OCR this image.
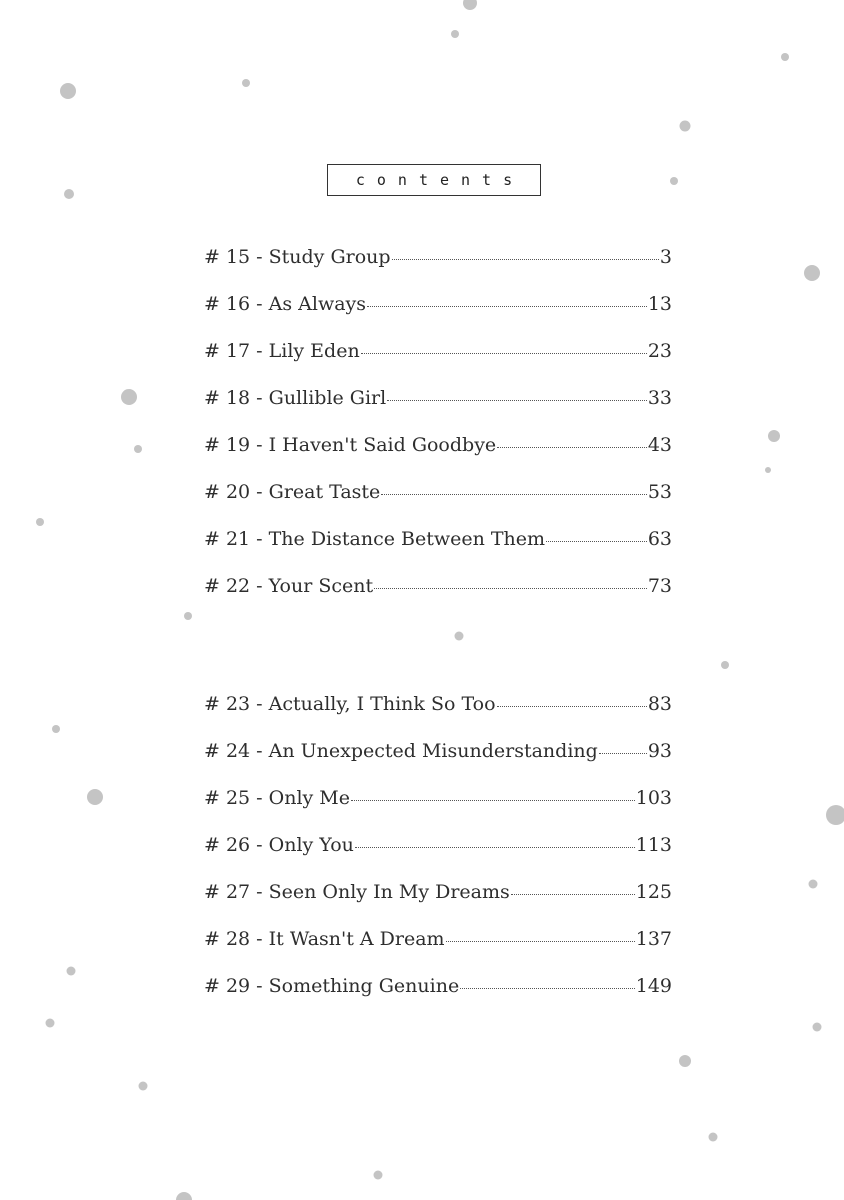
contents
# 15 - Study Group	3
# 16 - As Always	13
# 17 - Lily Eden	23
# 18 - Gullible Girl	33
# 19 - I Haven't Said Goodbye	43
# 20 - Great Taste	53
# 21 - The Distance Between Them	63
# 22 - Your Scent	73
# 23 - Actually, I Think So Too	83
# 24 - An Unexpected Misunderstanding	93
# 25 - Only Me	103
# 26 - Only You	113
# 27 - Seen Only In My Dreams	125
# 28 - It Wasn't A Dream	137
# 29 - Something Genuine	149
